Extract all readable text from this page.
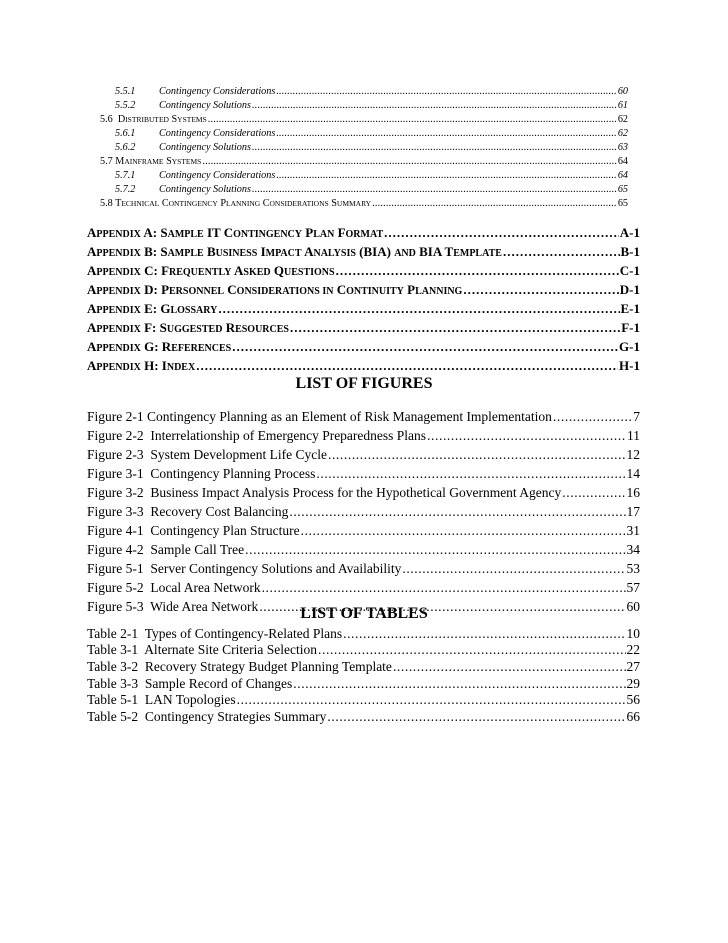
5.5.1 Contingency Considerations .....	60
5.5.2 Contingency Solutions .....	61
5.6 DISTRIBUTED SYSTEMS .....	62
5.6.1 Contingency Considerations .....	62
5.6.2 Contingency Solutions .....	63
5.7 MAINFRAME SYSTEMS .....	64
5.7.1 Contingency Considerations .....	64
5.7.2 Contingency Solutions .....	65
5.8 TECHNICAL CONTINGENCY PLANNING CONSIDERATIONS SUMMARY .....	65
APPENDIX A: SAMPLE IT CONTINGENCY PLAN FORMAT .....	A-1
APPENDIX B: SAMPLE BUSINESS IMPACT ANALYSIS (BIA) AND BIA TEMPLATE .....	B-1
APPENDIX C: FREQUENTLY ASKED QUESTIONS .....	C-1
APPENDIX D: PERSONNEL CONSIDERATIONS IN CONTINUITY PLANNING .....	D-1
APPENDIX E: GLOSSARY .....	E-1
APPENDIX F: SUGGESTED RESOURCES .....	F-1
APPENDIX G: REFERENCES .....	G-1
APPENDIX H: INDEX .....	H-1
LIST OF FIGURES
Figure 2-1 Contingency Planning as an Element of Risk Management Implementation .....	7
Figure 2-2 Interrelationship of Emergency Preparedness Plans .....	11
Figure 2-3 System Development Life Cycle .....	12
Figure 3-1 Contingency Planning Process .....	14
Figure 3-2 Business Impact Analysis Process for the Hypothetical Government Agency .....	16
Figure 3-3 Recovery Cost Balancing .....	17
Figure 4-1 Contingency Plan Structure .....	31
Figure 4-2 Sample Call Tree .....	34
Figure 5-1 Server Contingency Solutions and Availability .....	53
Figure 5-2 Local Area Network .....	57
Figure 5-3 Wide Area Network .....	60
LIST OF TABLES
Table 2-1 Types of Contingency-Related Plans .....	10
Table 3-1 Alternate Site Criteria Selection .....	22
Table 3-2 Recovery Strategy Budget Planning Template .....	27
Table 3-3 Sample Record of Changes .....	29
Table 5-1 LAN Topologies .....	56
Table 5-2 Contingency Strategies Summary .....	66
